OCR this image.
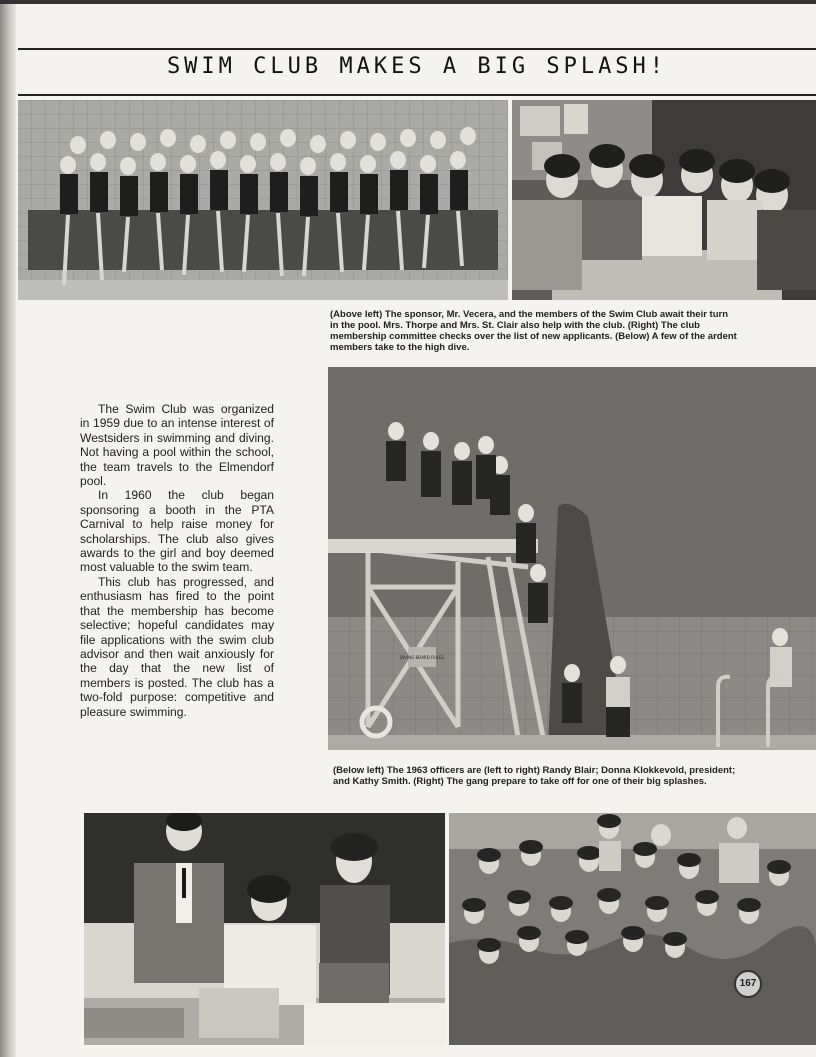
SWIM CLUB MAKES A BIG SPLASH!
(Above left) The sponsor, Mr. Vecera, and the members of the Swim Club await their turn in the pool. Mrs. Thorpe and Mrs. St. Clair also help with the club. (Right) The club membership committee checks over the list of new applicants. (Below) A few of the ardent members take to the high dive.
DIVING BOARD RULES
(Below left) The 1963 officers are (left to right) Randy Blair; Donna Klokkevold, president; and Kathy Smith. (Right) The gang prepare to take off for one of their big splashes.

The Swim Club was organized in 1959 due to an intense interest of Westsiders in swimming and diving. Not having a pool within the school, the team travels to the Elmendorf pool.

In 1960 the club began sponsoring a booth in the PTA Carnival to help raise money for scholarships. The club also gives awards to the girl and boy deemed most valuable to the swim team.

This club has progressed, and enthusiasm has fired to the point that the membership has become selective; hopeful candidates may file applications with the swim club advisor and then wait anxiously for the day that the new list of members is posted. The club has a two-fold purpose: competitive and pleasure swimming.

167
